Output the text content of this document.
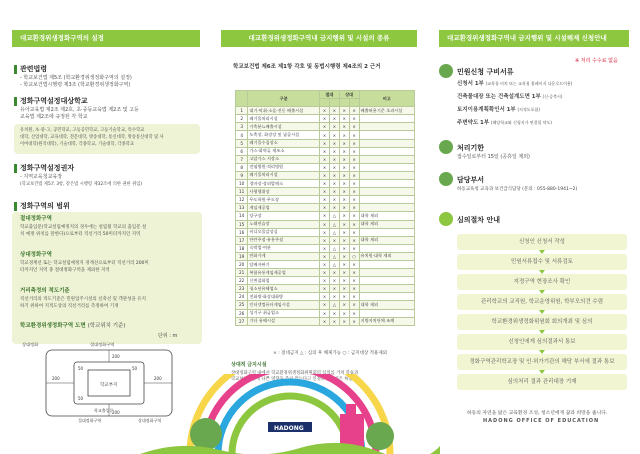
대교환경위생정화구역의 설정
관련법령
- 학교보건법 제5조 (학교환경위생정화구역의 설정)
- 학교보건법시행령 제3조 (학교환경위생정화구역)
정화구역설정대상학교
유아교육법 제2조 제2호, 초·중등교육법 제2조 및 고등
교육법 제2조에 규정된 각 학교
유치원, 초·중·고, 공민학교, 고등공민학교, 고등기술학교, 특수학교
대학, 산업대학, 교육대학, 전문대학, 방송대학, 통신대학, 방송통신대학 및 사
이버대학(원격대학), 기술대학, 각종학교, 기술대학, 각종학교
정화구역설정권자
- 지역교육청교육장
(학교보건법 제5조 3항, 같은법 시행령 제32조에 의한 권한 위임)
정화구역의 범위
절대정화구역
학교출입문(학교설립예정지의 경우에는 설립될 학교의 출입문 설
치 예정 위치를 말한다)으로부터 직선거리 50미터까지인 지역
상대정화구역
학교경계선 또는 학교설립예정지 경계선으로부터 직선거리 200미
터까지인 지역 중 절대정화구역을 제외한 지역
거리측정의 적도기준
직선거리의 적도기준은 민원업주시설의 신축선 및 객관성을 유지
하기 위하여 지적도상의 직선거리를 측정하여 기재
학교환경위생정화구역 도면 (학교위치 기준)
단위 : m
상대정화	절대정화구역
학교부지
학교출입문
절대정화구역	상대정화구역
200
200	200
200
50	50
50
대교환경위생정화구역내 금지행위 및 시설의 종류
학교보건법 제6조 제1항 각호 및 동법시행령 제4조의 2 근거
	구분	절대		상대		비고

1	대기·악취·소음·진동 배출시설	×	×	×	×	배출허용기준 초과시설
2	폐기물처리시설	×	×	×	×	
3	가축분뇨배출시설	×	×	×	×	
4	도축장, 화장장 및 납골시설	×	×	×	×	
5	폐기물수집장소	×	×	×	×	
6	가스·화약류 제조소	×	×	×	×	
7	고압가스 저장소	×	×	×	×	
8	전염병원·격리병원	×	×	×	×	
9	폐기물처리시설	×	×	×	×	
10	경마장·장외발매소	×	×	×	×	
11	사행행위장	×	×	×	×	
12	무도학원·무도장	×	×	×	×	
13	게임제공업	×	×	×	×	
14	당구장	×	△	×	×	대학 제외
15	노래연습장	×	△	×	×	대학 제외
16	비디오물감상실	×	△	×	×	
17	단란주점·유흥주점	×	×	×	×	대학 제외
18	숙박업·여관	×	△	×	×	
19	만화가게	×	△	×	○	유치원·대학 제외
20	담배자판기	×	△	×	×	
21	복합유통게임제공업	×	×	×	×	
22	신변잡화업	×	×	×	×	
23	청소년유해업소	×	×	×	×	
24	전화방·화상대화방	×	×	×	×	
25	인터넷컴퓨터게임시설	×	△	×	×	대학 제외
26	성기구 취급업소	×	×	×	×	
27	기타 유해시설	×	×	×	×	지방자치단체 조례
× : 절대금지 △ : 심의 후 해제가능 ○ : 금지대상 적용제외
상대적 금지시설
상대정화구역 내에서 학교환경위생정화위원회의 심의를 거쳐 학습과
학교보건위생에 나쁜 영향을 주지 않는다고 인정하는 시설은 허용
대교환경위생정화구역내 금지행위 및 시설해제 신청안내
※ 처리 수수료 없음
민원신청 구비서류
신청서 1부 (교육청 비치 또는 교육청 홈페이지 다운로드이용)
건축물대장 또는 건축설계도면 1부 (신·증축시)
토지이용계획확인서 1부 (지적도포함)
주변약도 1부 (해당학교와 신청지가 연결될 약도)
처리기한
접수일로부터 15일 (공휴일 제외)
담당부서
하동교육청 교육과 보건급식담당 (문의 : 055-880-1941~2)
심의절차 안내
신청인 신청서 작성
민원서류접수 및 서류검토
지정구역 현장조사 확인
관리학교의 교직원, 학교운영위원, 학부모의견 수렴
학교환경위생정화위원회 회의개최 및 심의
신청인에게 심의결과서 통보
정화구역관리학교장 및 인·허가기관의 해당 부서에 결과 통보
심의처리 결과 관리대장 기재
하동의 자연을 닮은 교육환경 조성, 청소년에게 꿈과 희망을 줍니다.
HADONG OFFICE OF EDUCATION
HADONG
